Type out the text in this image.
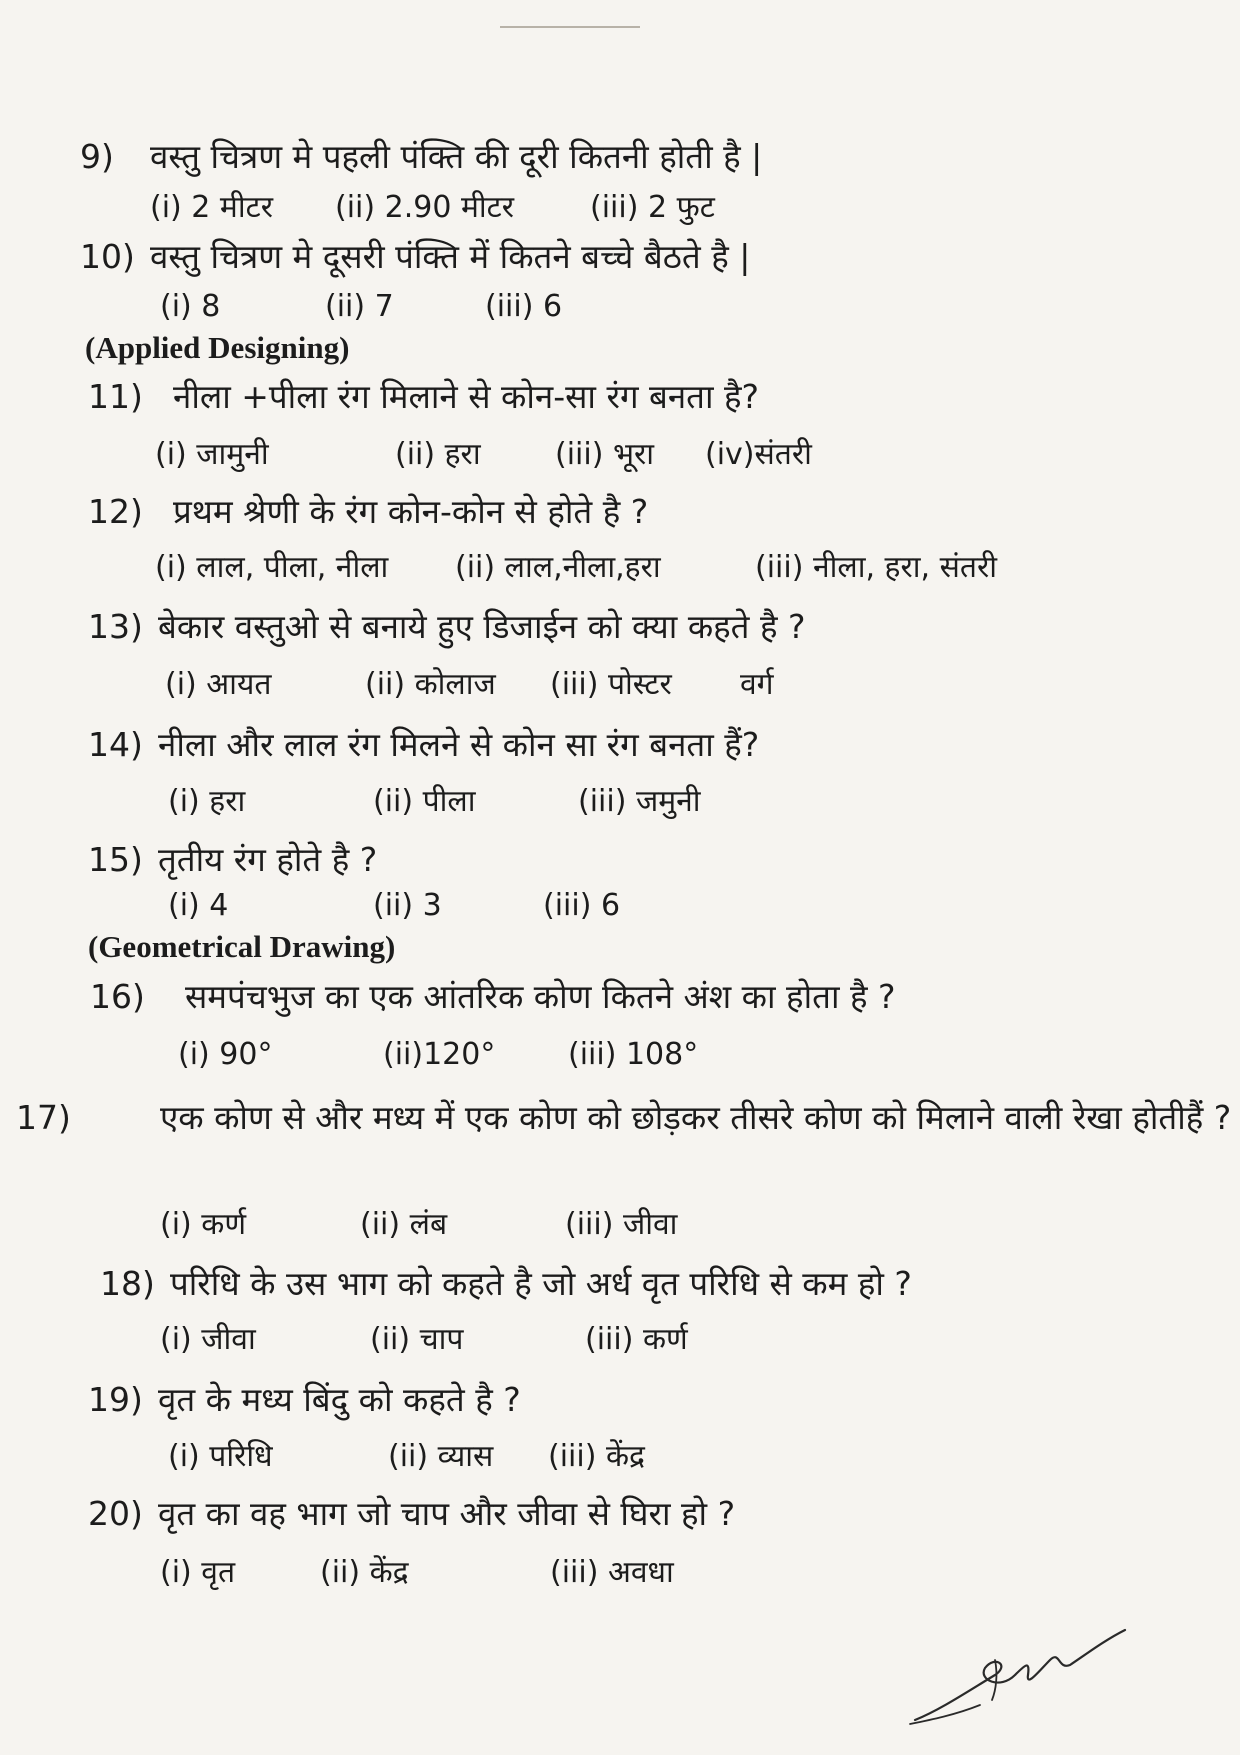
9) वस्तु चित्रण मे पहली पंक्ति की दूरी कितनी होती है |
(i) 2 मीटर (ii) 2.90 मीटर	(iii) 2 फुट
10) वस्तु चित्रण मे दूसरी पंक्ति में कितने बच्चे बैठते है |
(i) 8	(ii) 7	(iii) 6
(Applied Designing)
11) नीला +पीला रंग मिलाने से कोन-सा रंग बनता है?
(i) जामुनी	(ii) हरा (iii) भूरा (iv)संतरी
12) प्रथम श्रेणी के रंग कोन-कोन से होते है ?
(i) लाल, पीला, नीला (ii) लाल,नीला,हरा	(iii) नीला, हरा, संतरी
13) बेकार वस्तुओ से बनाये हुए डिजाईन को क्या कहते है ?
(i) आयत	(ii) कोलाज (iii) पोस्टर वर्ग
14) नीला और लाल रंग मिलने से कोन सा रंग बनता हैं?
(i) हरा	(ii) पीला	(iii) जमुनी
15) तृतीय रंग होते है ?
(i) 4	(ii) 3	(iii) 6
(Geometrical Drawing)
16) समपंचभुज का एक आंतरिक कोण कितने अंश का होता है ?
(i) 90°	(ii)120° (iii) 108°
17)	एक कोण से और मध्य में एक कोण को छोड़कर तीसरे कोण को मिलाने वाली रेखा होतीहैं ?
(i) कर्ण	(ii) लंब	(iii) जीवा
18) परिधि के उस भाग को कहते है जो अर्ध वृत परिधि से कम हो ?
(i) जीवा	(ii) चाप	(iii) कर्ण
19) वृत के मध्य बिंदु को कहते है ?
(i) परिधि	(ii) व्यास (iii) केंद्र
20) वृत का वह भाग जो चाप और जीवा से घिरा हो ?
(i) वृत	(ii) केंद्र	(iii) अवधा
